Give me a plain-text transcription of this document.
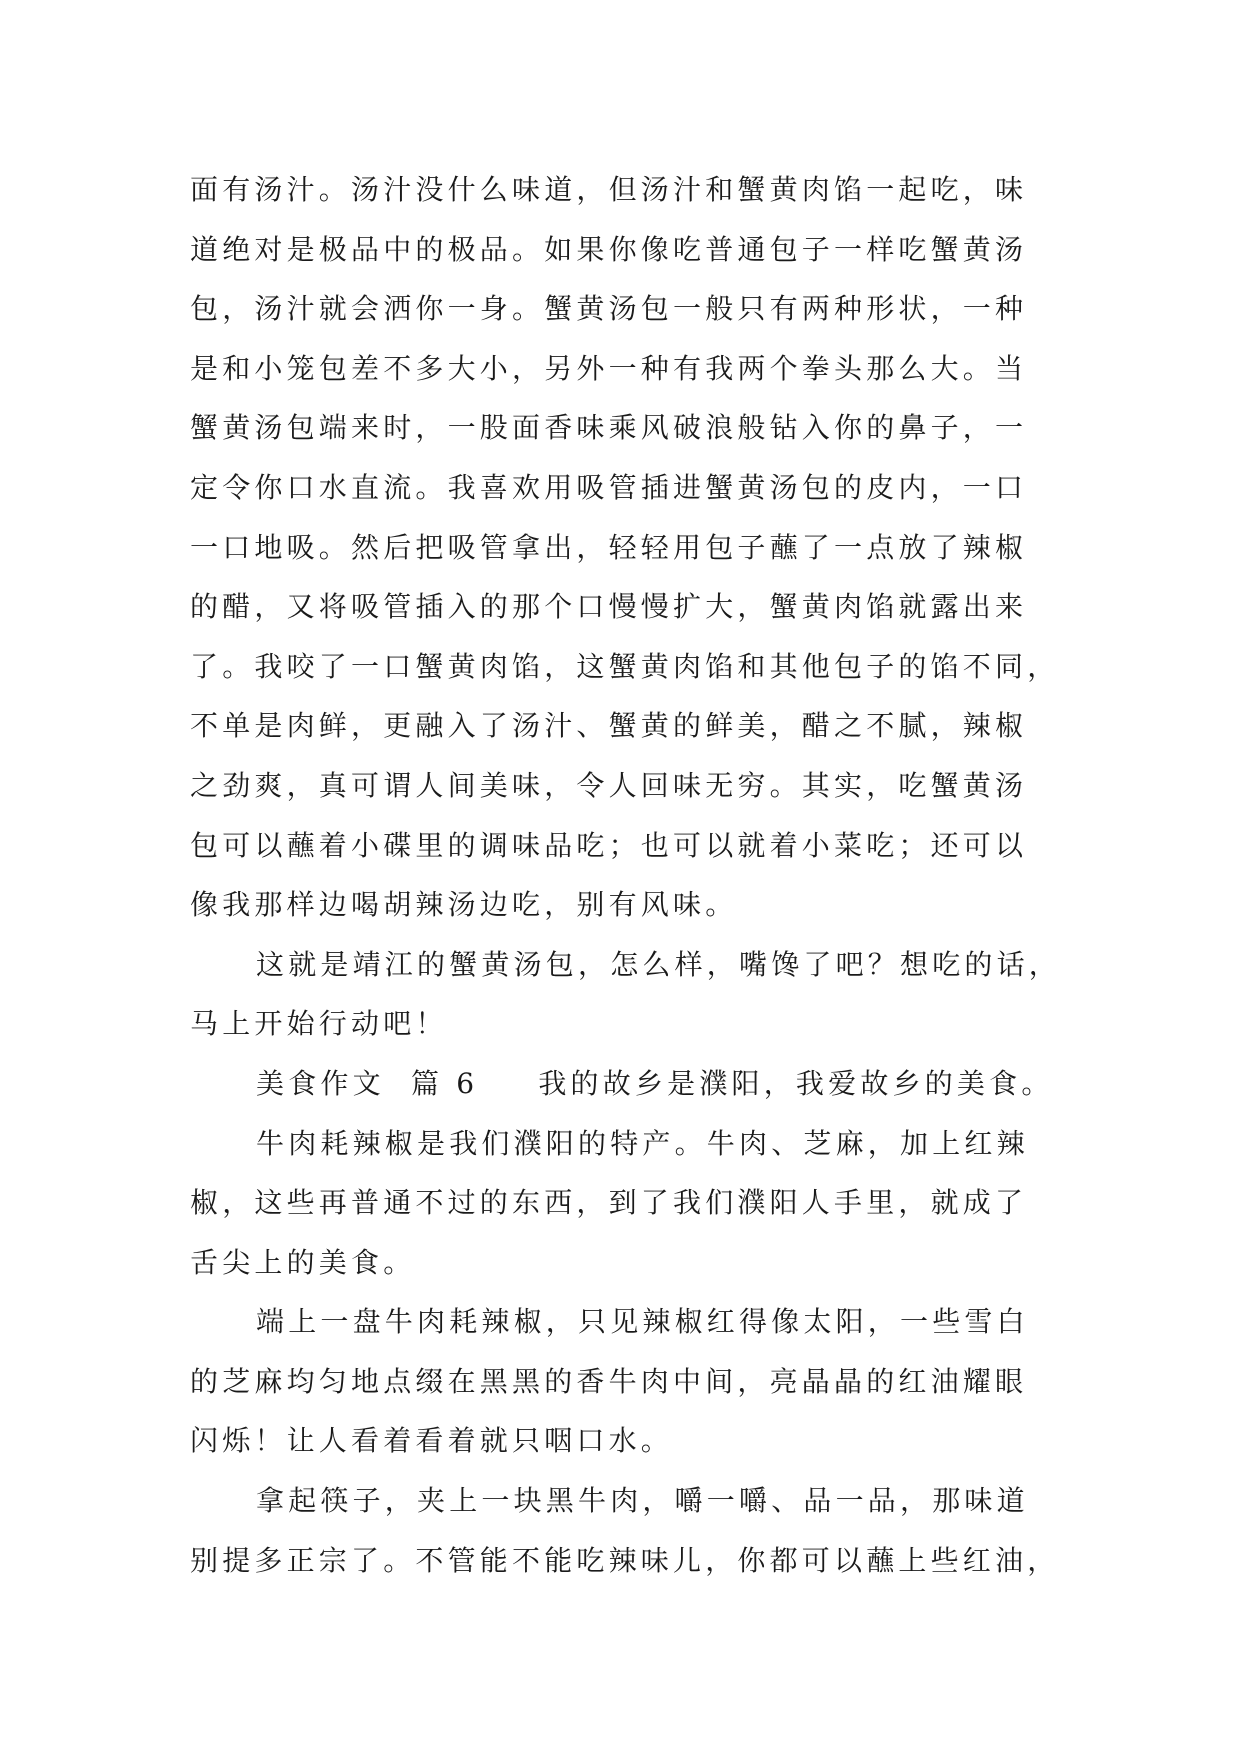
面有汤汁。汤汁没什么味道，但汤汁和蟹黄肉馅一起吃，味
道绝对是极品中的极品。如果你像吃普通包子一样吃蟹黄汤
包，汤汁就会洒你一身。蟹黄汤包一般只有两种形状，一种
是和小笼包差不多大小，另外一种有我两个拳头那么大。当
蟹黄汤包端来时，一股面香味乘风破浪般钻入你的鼻子，一
定令你口水直流。我喜欢用吸管插进蟹黄汤包的皮内，一口
一口地吸。然后把吸管拿出，轻轻用包子蘸了一点放了辣椒
的醋，又将吸管插入的那个口慢慢扩大，蟹黄肉馅就露出来
了。我咬了一口蟹黄肉馅，这蟹黄肉馅和其他包子的馅不同，
不单是肉鲜，更融入了汤汁、蟹黄的鲜美，醋之不腻，辣椒
之劲爽，真可谓人间美味，令人回味无穷。其实，吃蟹黄汤
包可以蘸着小碟里的调味品吃；也可以就着小菜吃；还可以
像我那样边喝胡辣汤边吃，别有风味。
这就是靖江的蟹黄汤包，怎么样，嘴馋了吧？想吃的话，
马上开始行动吧！
美食作文  篇 6 我的故乡是濮阳，我爱故乡的美食。
牛肉耗辣椒是我们濮阳的特产。牛肉、芝麻，加上红辣
椒，这些再普通不过的东西，到了我们濮阳人手里，就成了
舌尖上的美食。
端上一盘牛肉耗辣椒，只见辣椒红得像太阳，一些雪白
的芝麻均匀地点缀在黑黑的香牛肉中间，亮晶晶的红油耀眼
闪烁！让人看着看着就只咽口水。
拿起筷子，夹上一块黑牛肉，嚼一嚼、品一品，那味道
别提多正宗了。不管能不能吃辣味儿，你都可以蘸上些红油，
